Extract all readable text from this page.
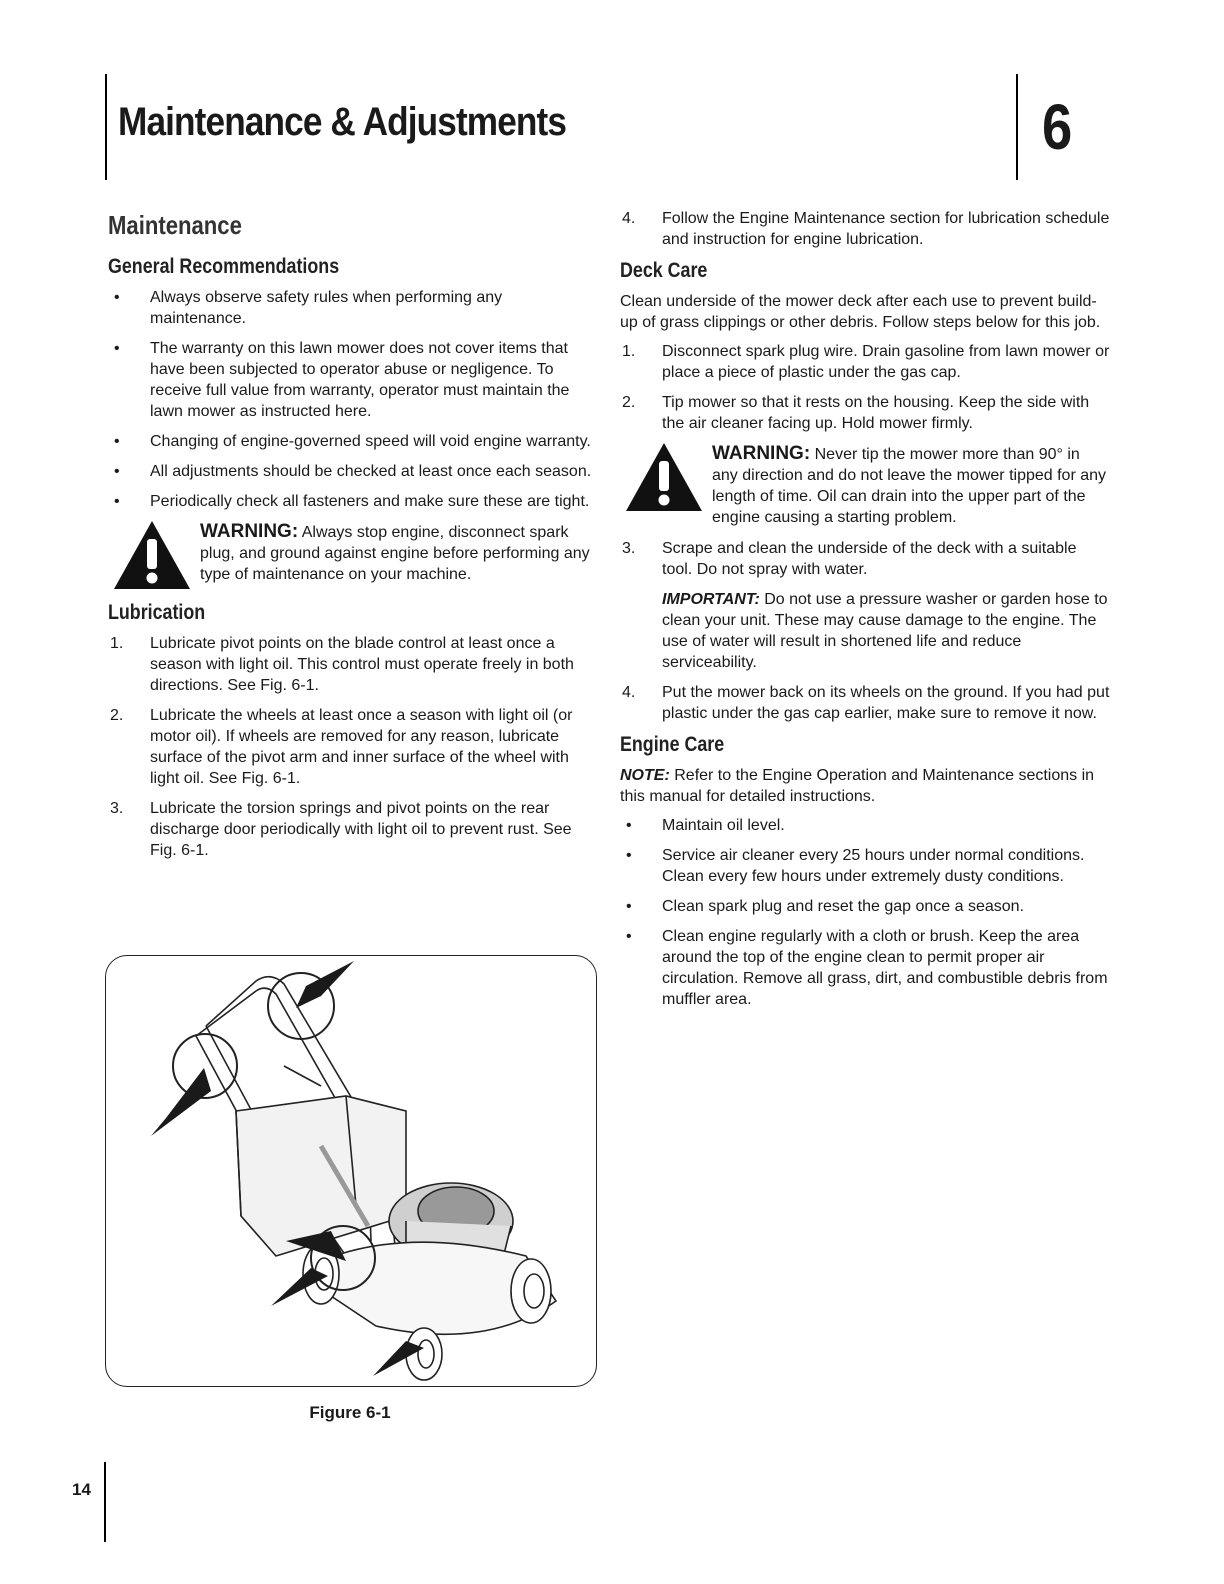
Maintenance & Adjustments	6
Maintenance
General Recommendations
• Always observe safety rules when performing any maintenance.
• The warranty on this lawn mower does not cover items that have been subjected to operator abuse or negligence. To receive full value from warranty, operator must maintain the lawn mower as instructed here.
• Changing of engine-governed speed will void engine warranty.
• All adjustments should be checked at least once each season.
• Periodically check all fasteners and make sure these are tight.
WARNING: Always stop engine, disconnect spark plug, and ground against engine before performing any type of maintenance on your machine.
Lubrication
1. Lubricate pivot points on the blade control at least once a season with light oil. This control must operate freely in both directions. See Fig. 6-1.
2. Lubricate the wheels at least once a season with light oil (or motor oil). If wheels are removed for any reason, lubricate surface of the pivot arm and inner surface of the wheel with light oil. See Fig. 6-1.
3. Lubricate the torsion springs and pivot points on the rear discharge door periodically with light oil to prevent rust. See Fig. 6-1.
Figure 6-1
4. Follow the Engine Maintenance section for lubrication schedule and instruction for engine lubrication.
Deck Care

Clean underside of the mower deck after each use to prevent build-up of grass clippings or other debris. Follow steps below for this job.

1. Disconnect spark plug wire. Drain gasoline from lawn mower or place a piece of plastic under the gas cap.
2. Tip mower so that it rests on the housing. Keep the side with the air cleaner facing up. Hold mower firmly.
WARNING: Never tip the mower more than 90° in any direction and do not leave the mower tipped for any length of time. Oil can drain into the upper part of the engine causing a starting problem.
3. Scrape and clean the underside of the deck with a suitable tool. Do not spray with water.

IMPORTANT: Do not use a pressure washer or garden hose to clean your unit. These may cause damage to the engine. The use of water will result in shortened life and reduce serviceability.

4. Put the mower back on its wheels on the ground. If you had put plastic under the gas cap earlier, make sure to remove it now.
Engine Care

NOTE: Refer to the Engine Operation and Maintenance sections in this manual for detailed instructions.

• Maintain oil level.
• Service air cleaner every 25 hours under normal conditions. Clean every few hours under extremely dusty conditions.
• Clean spark plug and reset the gap once a season.
• Clean engine regularly with a cloth or brush. Keep the area around the top of the engine clean to permit proper air circulation. Remove all grass, dirt, and combustible debris from muffler area.
14
